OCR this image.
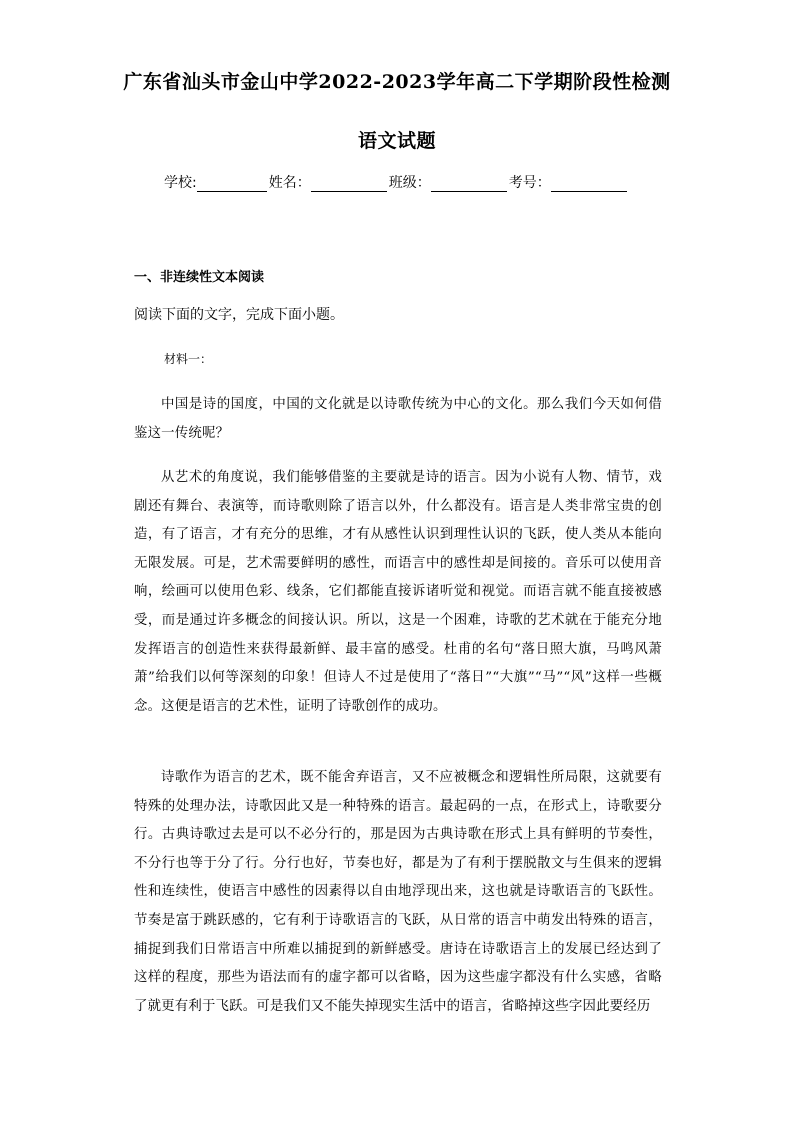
广东省汕头市金山中学2022-2023学年高二下学期阶段性检测
语文试题
学校:	姓名：	班级：	考号：
一、非连续性文本阅读
阅读下面的文字，完成下面小题。
材料一：

中国是诗的国度，中国的文化就是以诗歌传统为中心的文化。那么我们今天如何借鉴这一传统呢？

从艺术的角度说，我们能够借鉴的主要就是诗的语言。因为小说有人物、情节，戏剧还有舞台、表演等，而诗歌则除了语言以外，什么都没有。语言是人类非常宝贵的创造，有了语言，才有充分的思维，才有从感性认识到理性认识的飞跃，使人类从本能向无限发展。可是，艺术需要鲜明的感性，而语言中的感性却是间接的。音乐可以使用音响，绘画可以使用色彩、线条，它们都能直接诉诸听觉和视觉。而语言就不能直接被感受，而是通过许多概念的间接认识。所以，这是一个困难，诗歌的艺术就在于能充分地发挥语言的创造性来获得最新鲜、最丰富的感受。杜甫的名句“落日照大旗，马鸣风萧萧”给我们以何等深刻的印象！但诗人不过是使用了“落日”“大旗”“马”“风”这样一些概念。这便是语言的艺术性，证明了诗歌创作的成功。

诗歌作为语言的艺术，既不能舍弃语言，又不应被概念和逻辑性所局限，这就要有特殊的处理办法，诗歌因此又是一种特殊的语言。最起码的一点，在形式上，诗歌要分行。古典诗歌过去是可以不必分行的，那是因为古典诗歌在形式上具有鲜明的节奏性，不分行也等于分了行。分行也好，节奏也好，都是为了有利于摆脱散文与生俱来的逻辑性和连续性，使语言中感性的因素得以自由地浮现出来，这也就是诗歌语言的飞跃性。节奏是富于跳跃感的，它有利于诗歌语言的飞跃，从日常的语言中萌发出特殊的语言，捕捉到我们日常语言中所难以捕捉到的新鲜感受。唐诗在诗歌语言上的发展已经达到了这样的程度，那些为语法而有的虚字都可以省略，因为这些虚字都没有什么实感，省略了就更有利于飞跃。可是我们又不能失掉现实生活中的语言，省略掉这些字因此要经历
